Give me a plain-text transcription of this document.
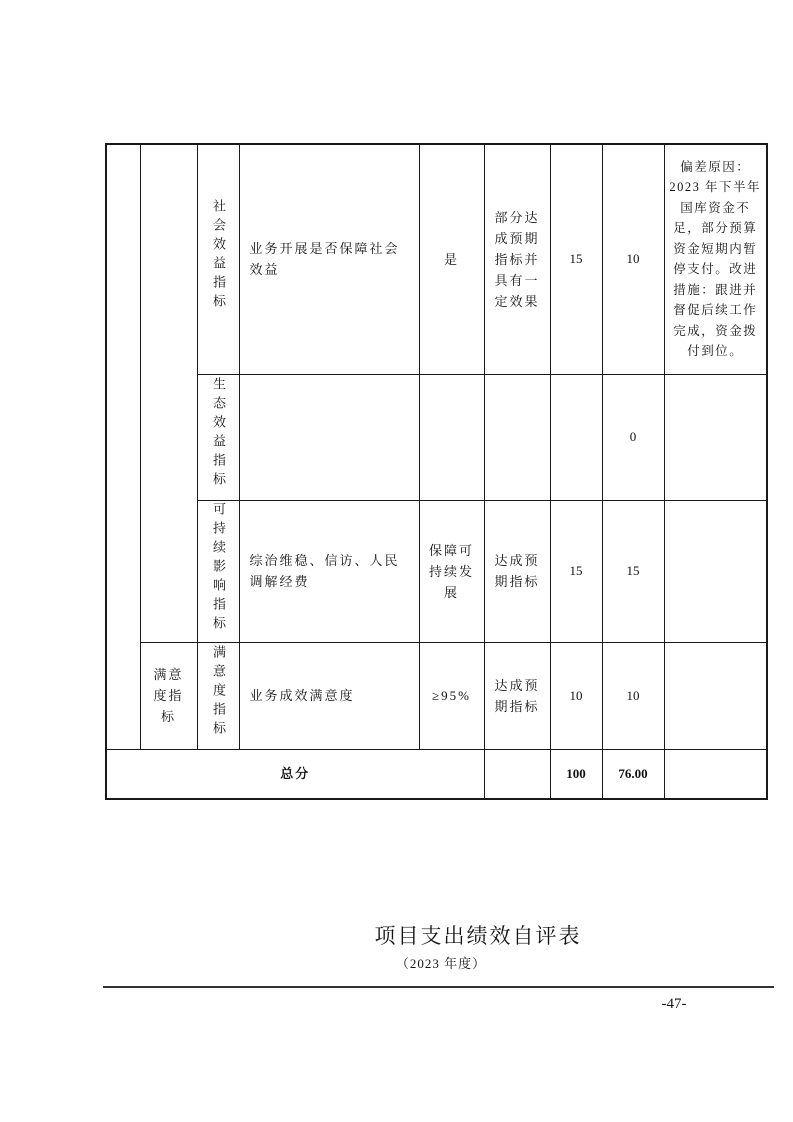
		社会效益指标	业务开展是否保障社会效益	是	部分达成预期指标并具有一定效果	15	10	偏差原因：2023 年下半年国库资金不足，部分预算资金短期内暂停支付。改进措施：跟进并督促后续工作完成，资金拨付到位。

		生态效益指标					0	
		可持续影响指标	综治维稳、信访、人民调解经费	保障可持续发展	达成预期指标	15	15	
	满意度指标	满意度指标	业务成效满意度	≥95%	达成预期指标	10	10	
总分						100	76.00	
项目支出绩效自评表
（2023 年度）
-47-
